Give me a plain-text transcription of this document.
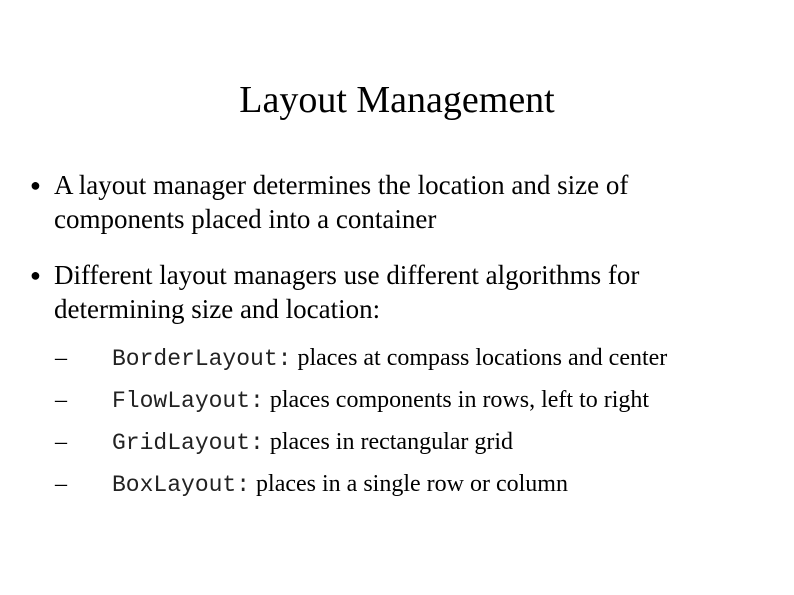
Layout Management
● A layout manager determines the location and size of
components placed into a container
● Different layout managers use different algorithms for
determining size and location:
– BorderLayout: places at compass locations and center
– FlowLayout: places components in rows, left to right
– GridLayout: places in rectangular grid
– BoxLayout: places in a single row or column
